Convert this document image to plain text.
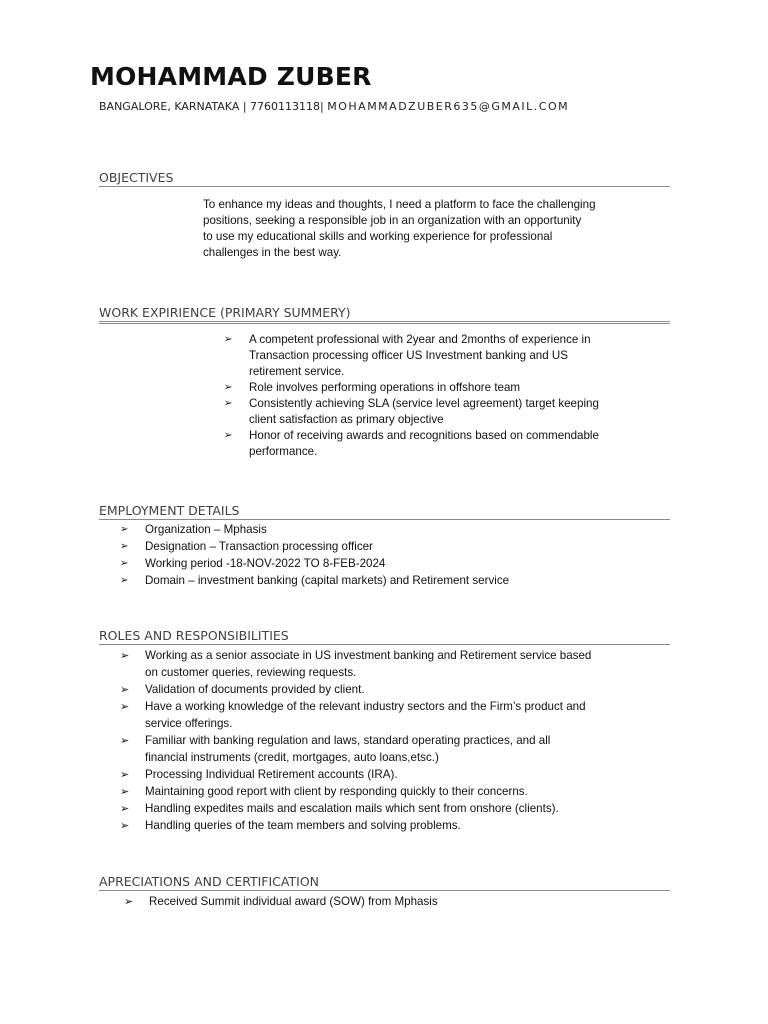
MOHAMMAD ZUBER
BANGALORE, KARNATAKA | 7760113118| MOHAMMADZUBER635@GMAIL.COM
OBJECTIVES
To enhance my ideas and thoughts, I need a platform to face the challenging
positions, seeking a responsible job in an organization with an opportunity
to use my educational skills and working experience for professional
challenges in the best way.
WORK EXPIRIENCE (PRIMARY SUMMERY)
➢ A competent professional with 2year and 2months of experience in
Transaction processing officer US Investment banking and US
retirement service.
➢ Role involves performing operations in offshore team
➢ Consistently achieving SLA (service level agreement) target keeping
client satisfaction as primary objective
➢ Honor of receiving awards and recognitions based on commendable
performance.
EMPLOYMENT DETAILS
➢ Organization – Mphasis
➢ Designation – Transaction processing officer
➢ Working period -18-NOV-2022 TO 8-FEB-2024
➢ Domain – investment banking (capital markets) and Retirement service
ROLES AND RESPONSIBILITIES
➢ Working as a senior associate in US investment banking and Retirement service based
on customer queries, reviewing requests.
➢ Validation of documents provided by client.
➢ Have a working knowledge of the relevant industry sectors and the Firm’s product and
service offerings.
➢ Familiar with banking regulation and laws, standard operating practices, and all
financial instruments (credit, mortgages, auto loans,etsc.)
➢ Processing Individual Retirement accounts (IRA).
➢ Maintaining good report with client by responding quickly to their concerns.
➢ Handling expedites mails and escalation mails which sent from onshore (clients).
➢ Handling queries of the team members and solving problems.
APRECIATIONS AND CERTIFICATION
➢ Received Summit individual award (SOW) from Mphasis
